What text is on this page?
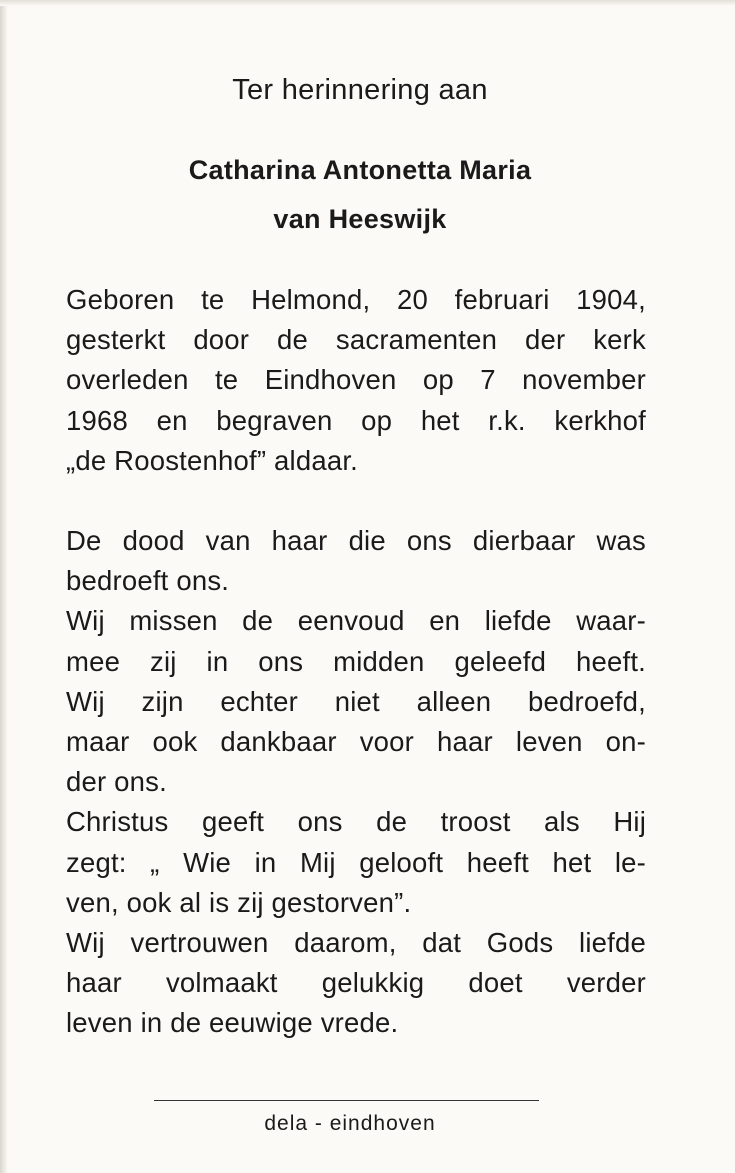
Ter herinnering aan
Catharina Antonetta Maria
van Heeswijk
Geboren te Helmond, 20 februari 1904,
gesterkt door de sacramenten der kerk
overleden te Eindhoven op 7 november
1968 en begraven op het r.k. kerkhof
„de Roostenhof” aldaar.
De dood van haar die ons dierbaar was
bedroeft ons.
Wij missen de eenvoud en liefde waar-
mee zij in ons midden geleefd heeft.
Wij zijn echter niet alleen bedroefd,
maar ook dankbaar voor haar leven on-
der ons.
Christus geeft ons de troost als Hij
zegt: „ Wie in Mij gelooft heeft het le-
ven, ook al is zij gestorven”.
Wij vertrouwen daarom, dat Gods liefde
haar volmaakt gelukkig doet verder
leven in de eeuwige vrede.
dela - eindhoven
